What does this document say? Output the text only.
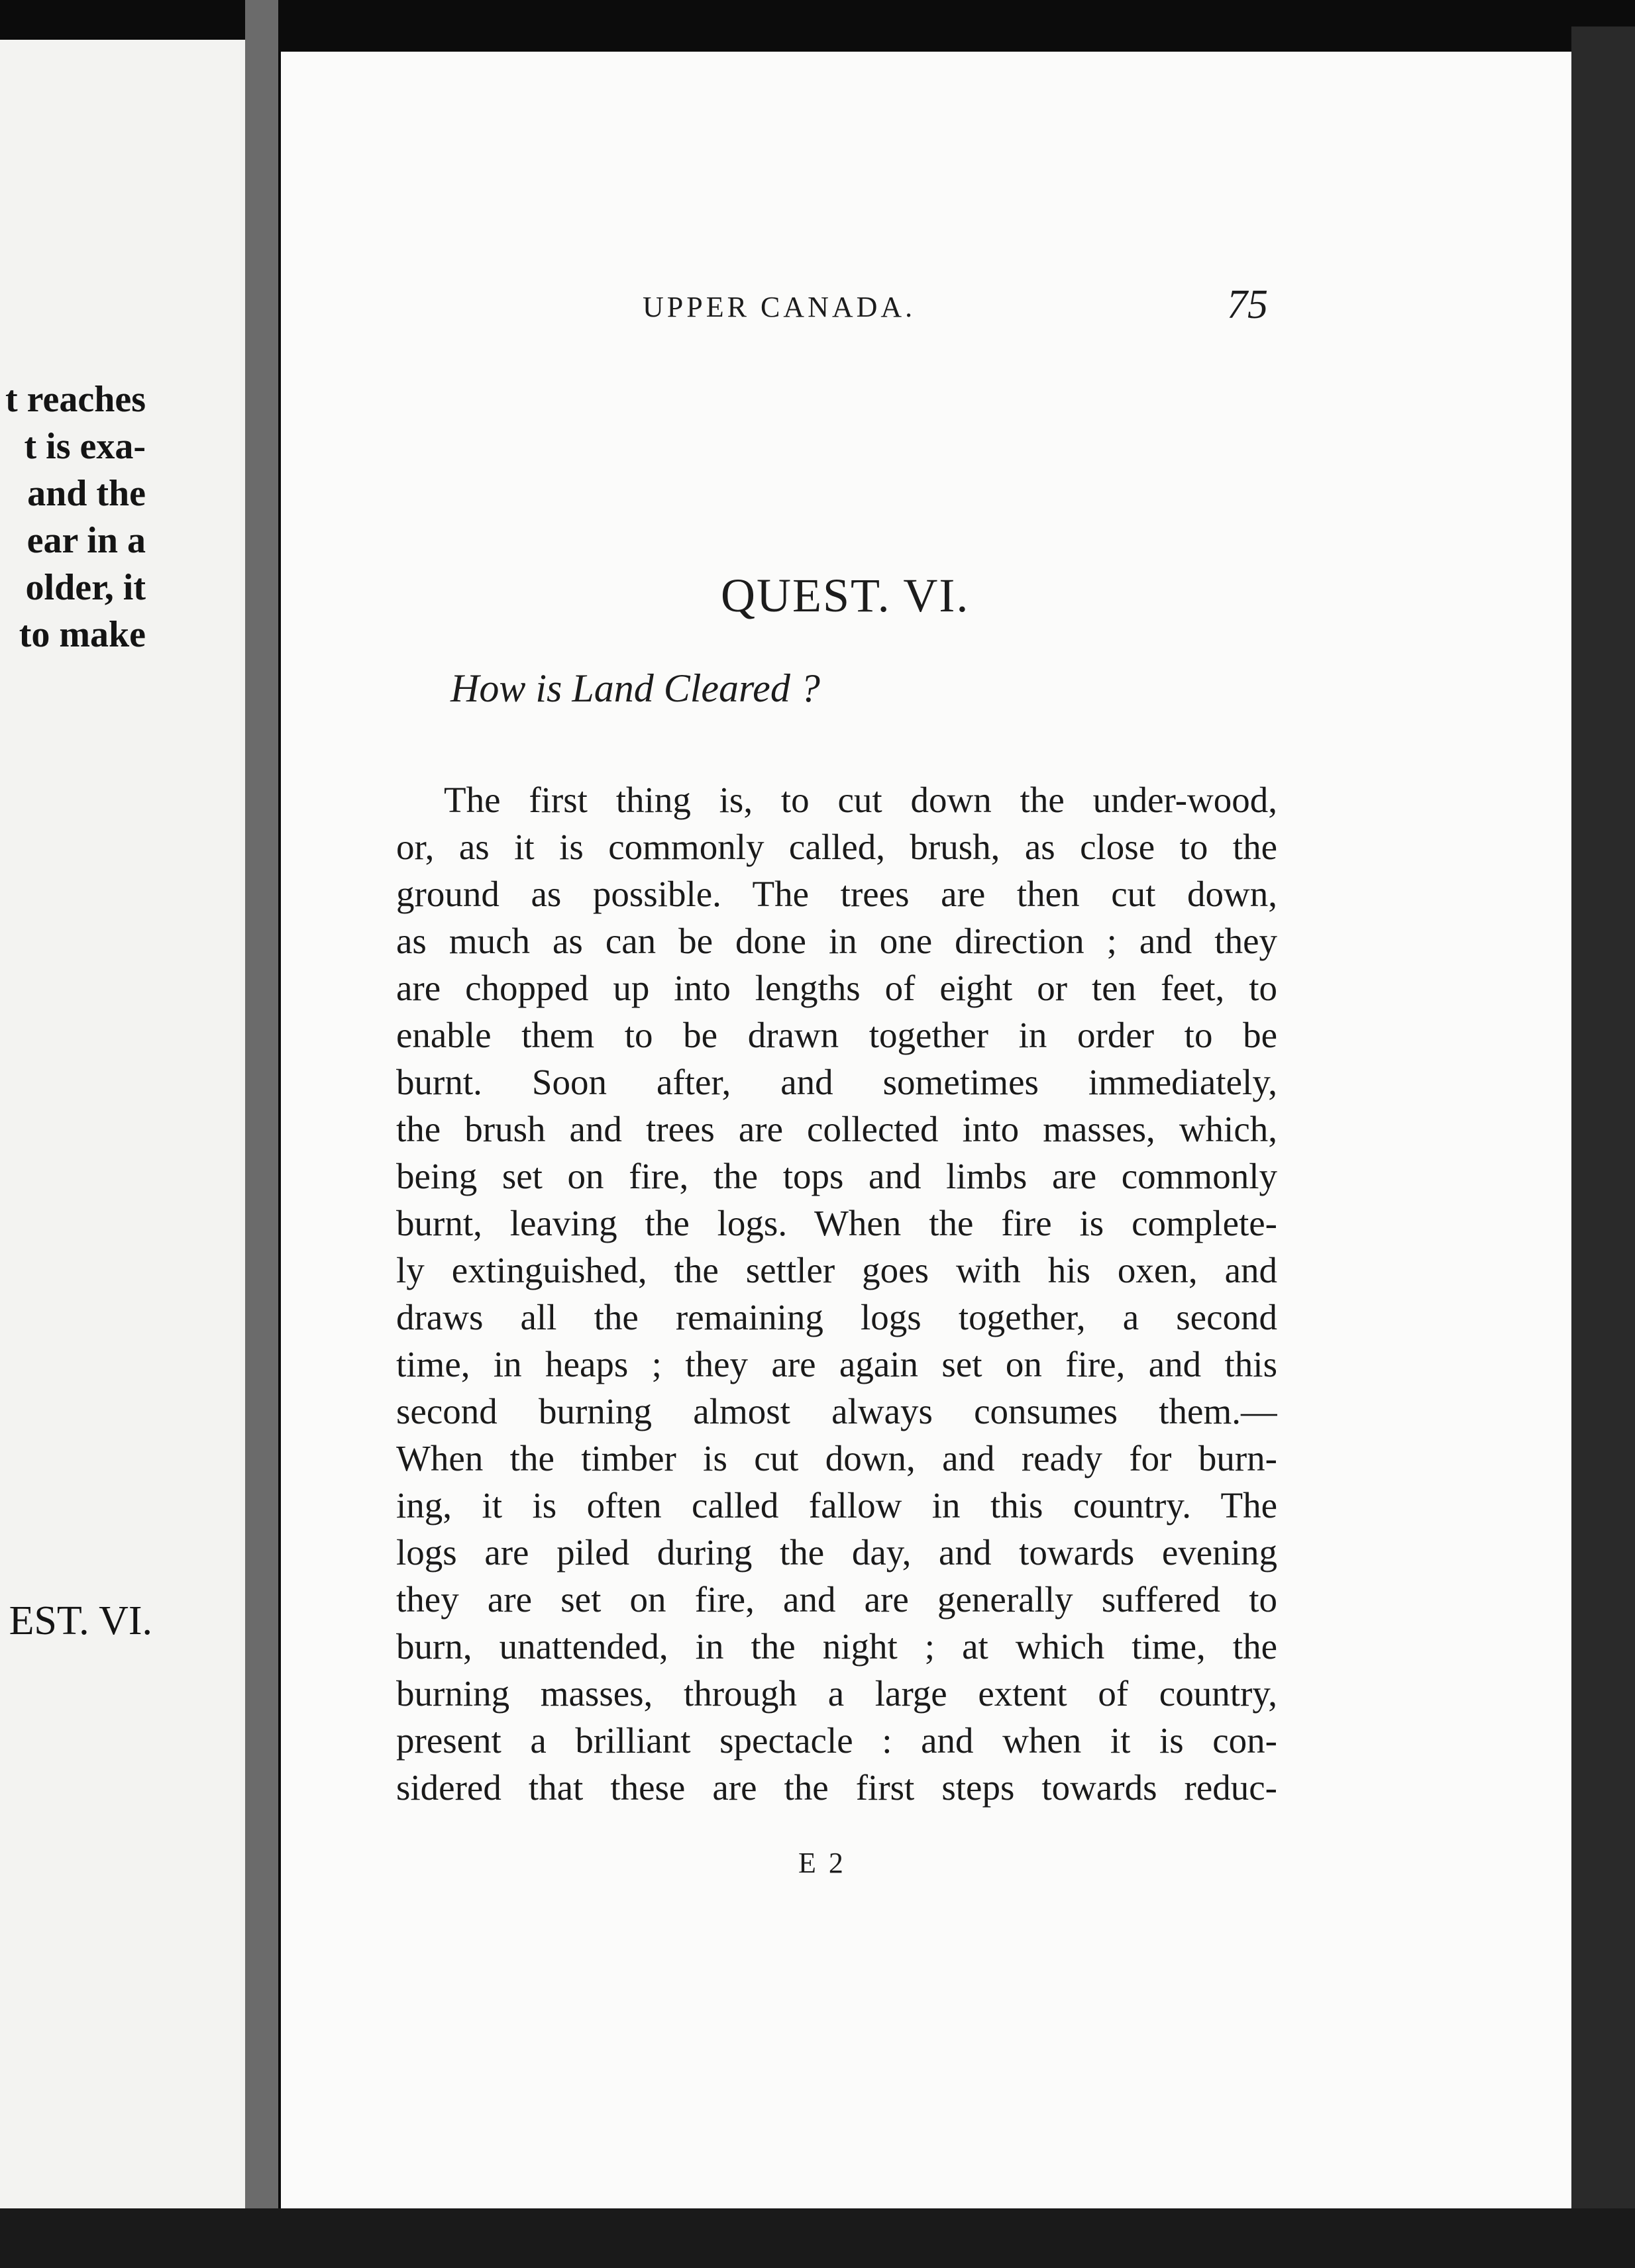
t reaches
t is exa-
and the
ear in a
older, it
to make
EST. VI.
UPPER CANADA.	75
QUEST. VI.
How is Land Cleared ?
The first thing is, to cut down the under-wood,
or, as it is commonly called, brush, as close to the
ground as possible. The trees are then cut down,
as much as can be done in one direction ; and they
are chopped up into lengths of eight or ten feet, to
enable them to be drawn together in order to be
burnt. Soon after, and sometimes immediately,
the brush and trees are collected into masses, which,
being set on fire, the tops and limbs are commonly
burnt, leaving the logs. When the fire is complete-
ly extinguished, the settler goes with his oxen, and
draws all the remaining logs together, a second
time, in heaps ; they are again set on fire, and this
second burning almost always consumes them.—
When the timber is cut down, and ready for burn-
ing, it is often called fallow in this country. The
logs are piled during the day, and towards evening
they are set on fire, and are generally suffered to
burn, unattended, in the night ; at which time, the
burning masses, through a large extent of country,
present a brilliant spectacle : and when it is con-
sidered that these are the first steps towards reduc-
E 2
